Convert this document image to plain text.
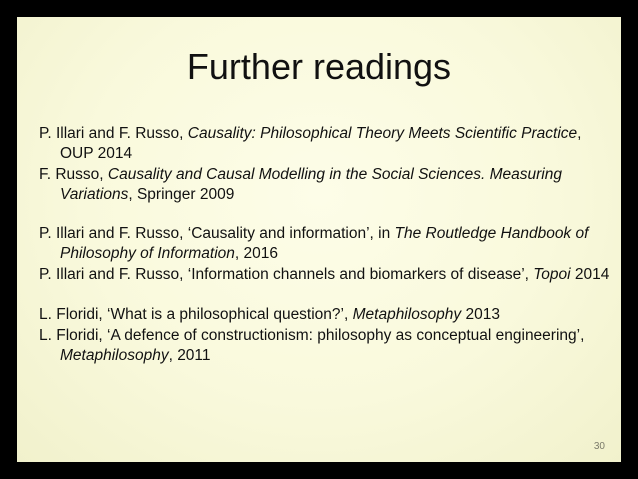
Further readings

P. Illari and F. Russo, Causality: Philosophical Theory Meets Scientific Practice, OUP 2014

F. Russo, Causality and Causal Modelling in the Social Sciences. Measuring Variations, Springer 2009

P. Illari and F. Russo, ‘Causality and information’, in The Routledge Handbook of Philosophy of Information, 2016

P. Illari and F. Russo, ‘Information channels and biomarkers of disease’, Topoi 2014

L. Floridi, ‘What is a philosophical question?’, Metaphilosophy 2013

L. Floridi, ‘A defence of constructionism: philosophy as conceptual engineering’, Metaphilosophy, 2011

30
